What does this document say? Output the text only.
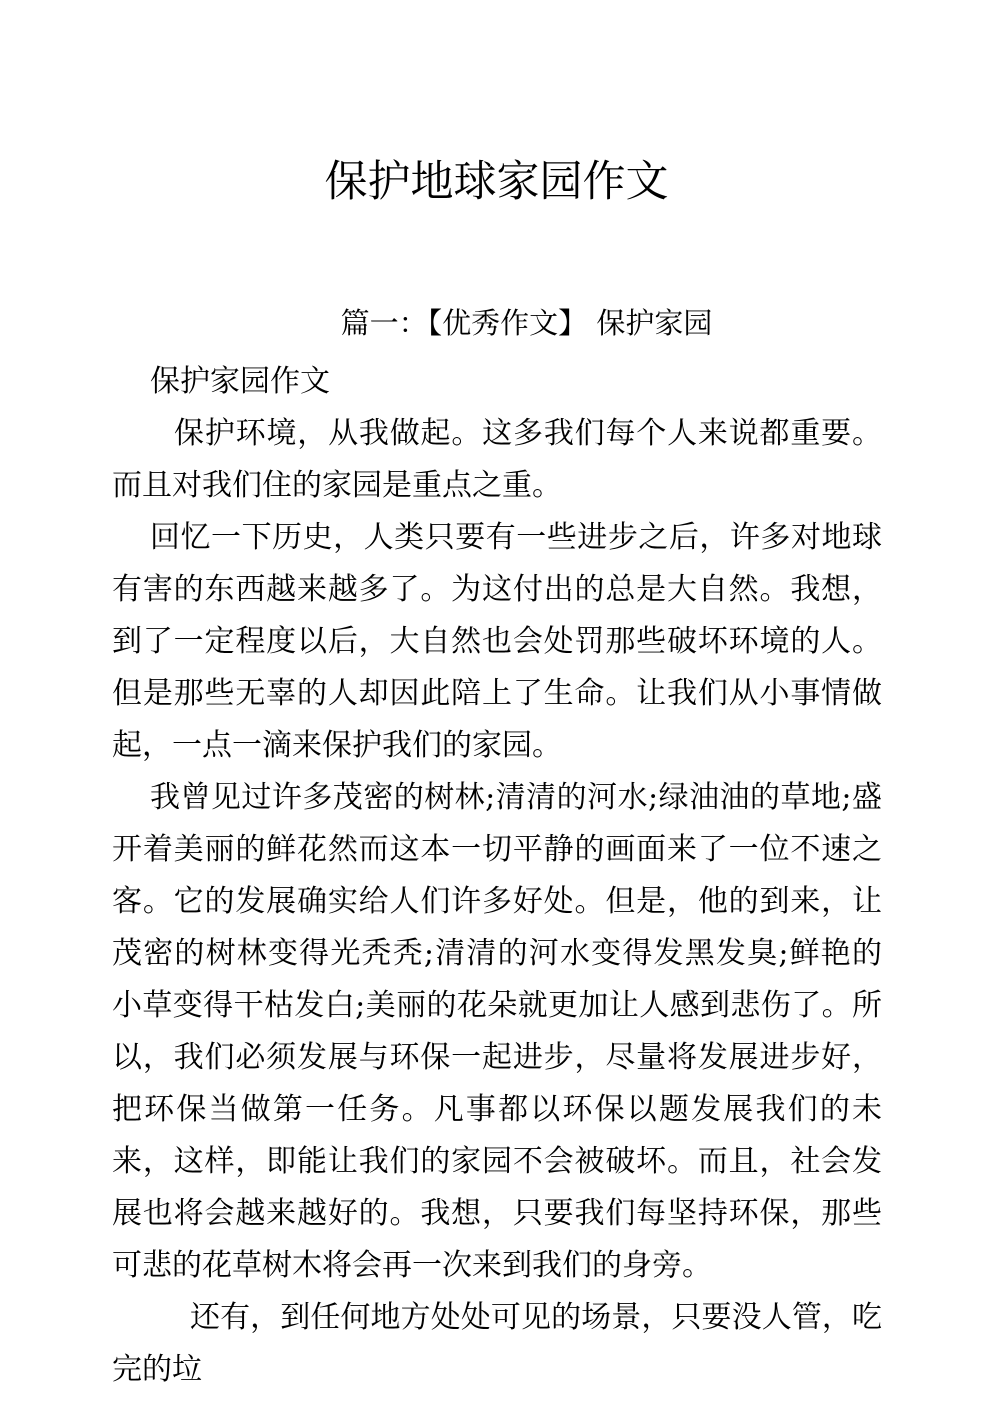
保护地球家园作文
篇一：【优秀作文】 保护家园

保护家园作文

保护环境，从我做起。这多我们每个人来说都重要。而且对我们住的家园是重点之重。

回忆一下历史，人类只要有一些进步之后，许多对地球有害的东西越来越多了。为这付出的总是大自然。我想，到了一定程度以后，大自然也会处罚那些破坏环境的人。但是那些无辜的人却因此陪上了生命。让我们从小事情做起，一点一滴来保护我们的家园。

我曾见过许多茂密的树林;清清的河水;绿油油的草地;盛开着美丽的鲜花然而这本一切平静的画面来了一位不速之客。它的发展确实给人们许多好处。但是，他的到来，让茂密的树林变得光秃秃;清清的河水变得发黑发臭;鲜艳的小草变得干枯发白;美丽的花朵就更加让人感到悲伤了。所以，我们必须发展与环保一起进步，尽量将发展进步好，把环保当做第一任务。凡事都以环保以题发展我们的未来，这样，即能让我们的家园不会被破坏。而且，社会发展也将会越来越好的。我想，只要我们每坚持环保，那些可悲的花草树木将会再一次来到我们的身旁。

还有，到任何地方处处可见的场景，只要没人管，吃完的垃
